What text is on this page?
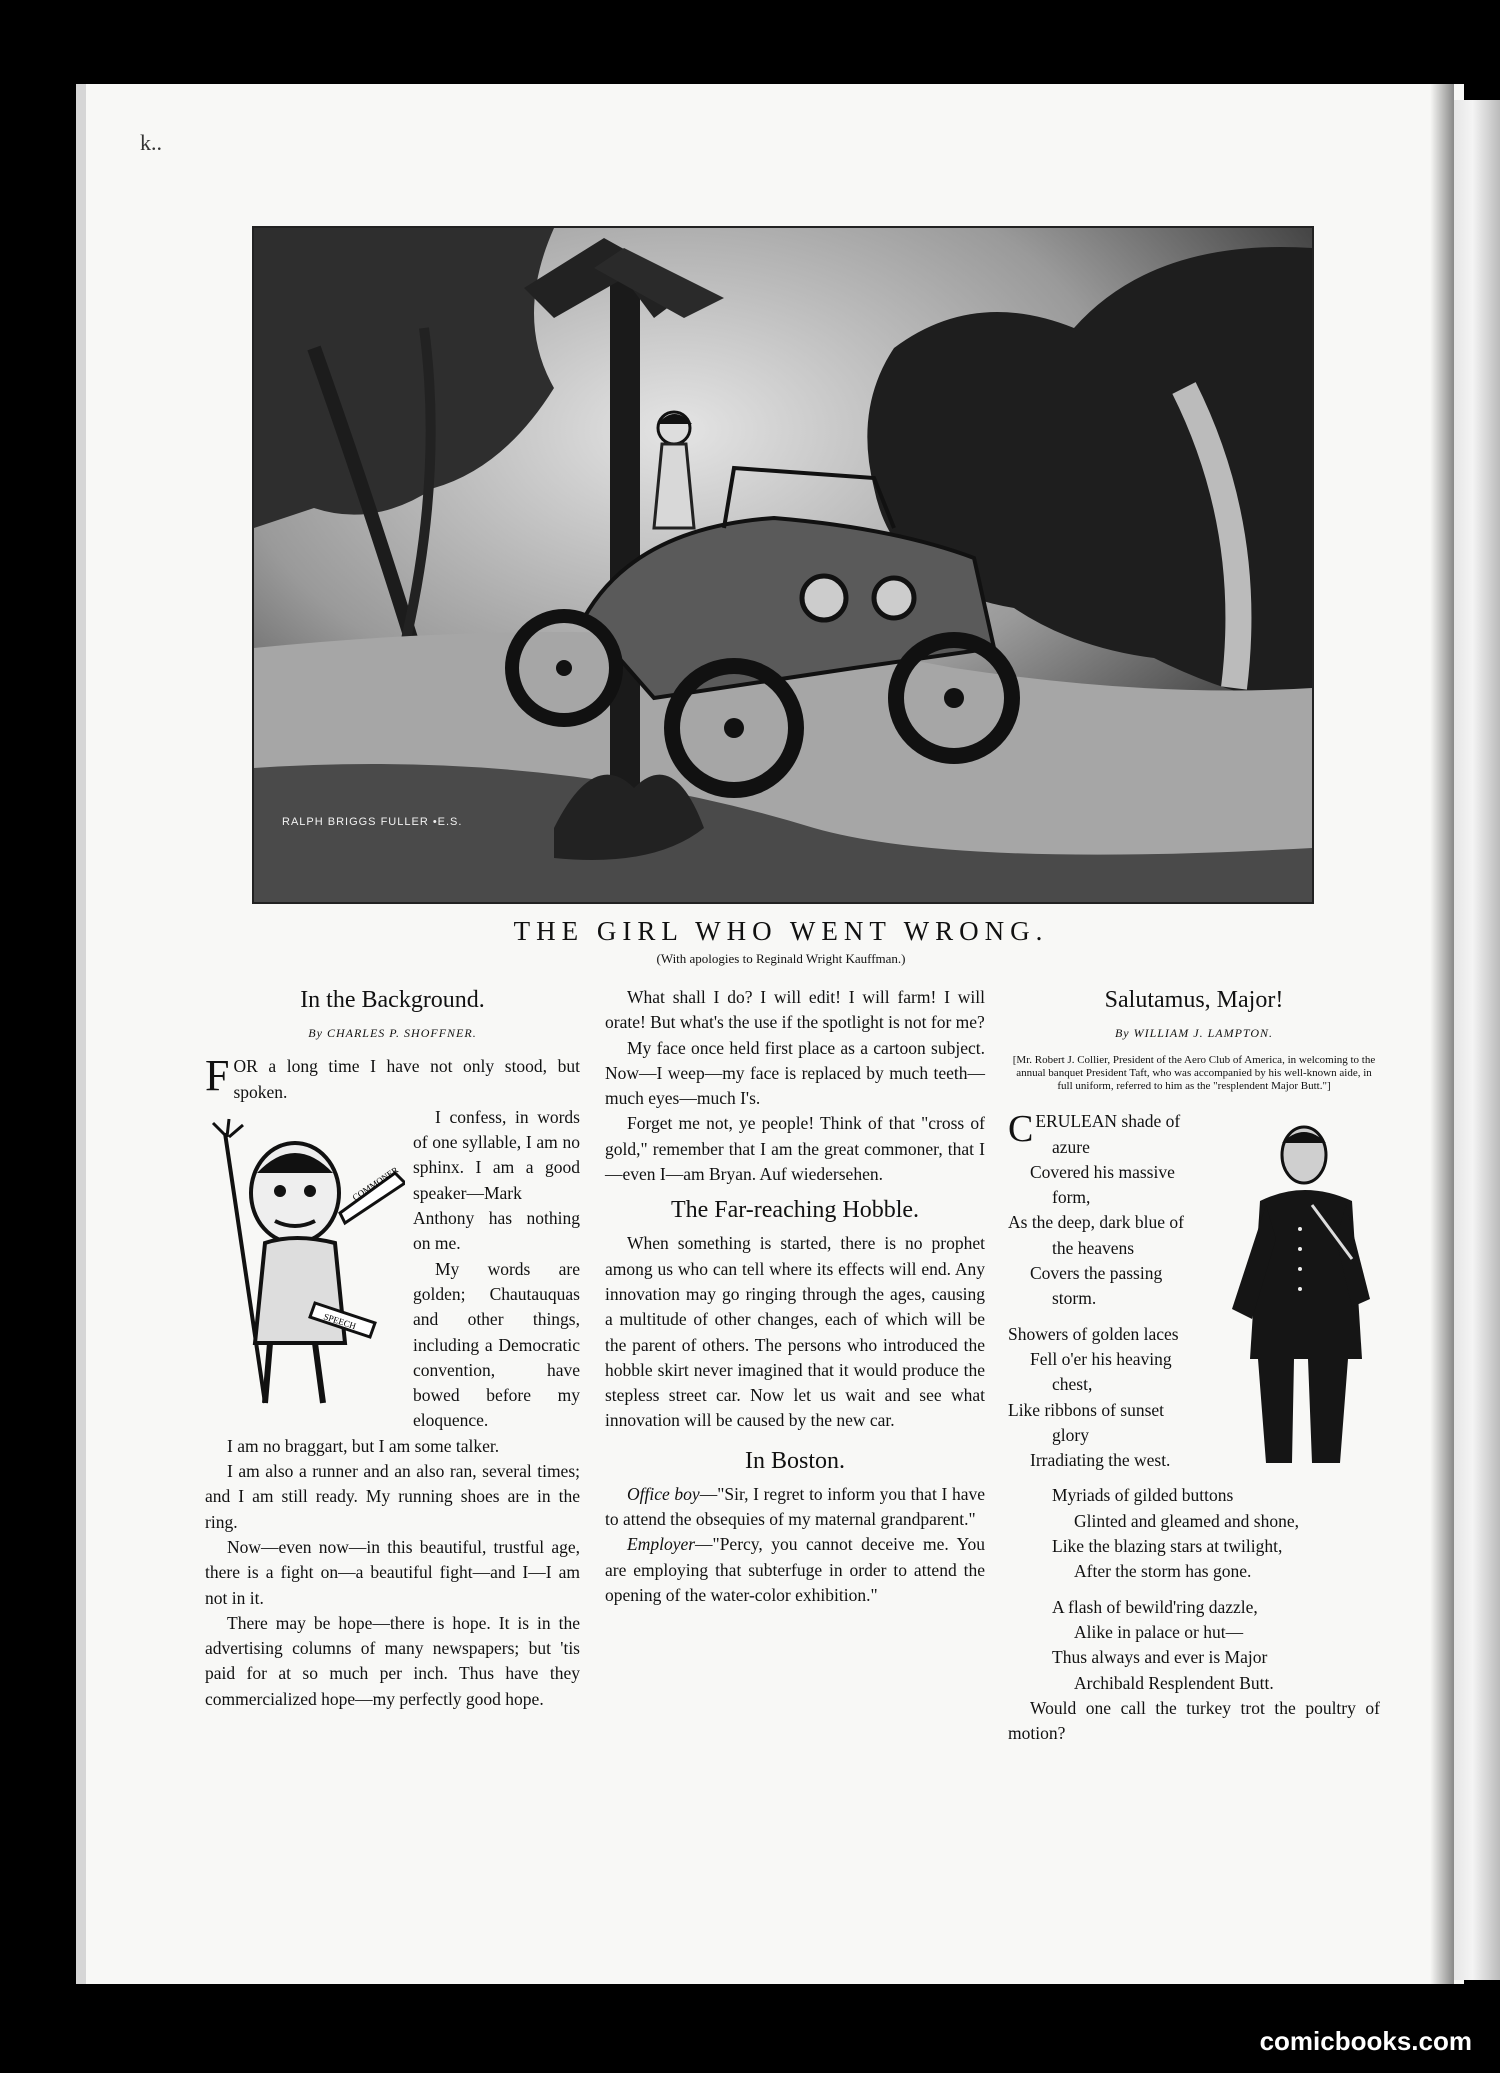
k..
RALPH BRIGGS FULLER •E.S.
THE GIRL WHO WENT WRONG.
(With apologies to Reginald Wright Kauffman.)
In the Background.
By CHARLES P. SHOFFNER.

FOR a long time I have not only stood, but spoken.

COMMONER
SPEECH

I confess, in words of one syllable, I am no sphinx. I am a good speaker—Mark Anthony has nothing on me.

My words are golden; Chautauquas and other things, including a Democratic convention, have bowed before my eloquence.

I am no braggart, but I am some talker.

I am also a runner and an also ran, several times; and I am still ready. My running shoes are in the ring.

Now—even now—in this beautiful, trustful age, there is a fight on—a beautiful fight—and I—I am not in it.

There may be hope—there is hope. It is in the advertising columns of many newspapers; but 'tis paid for at so much per inch. Thus have they commercialized hope—my perfectly good hope.

What shall I do? I will edit! I will farm! I will orate! But what's the use if the spotlight is not for me?

My face once held first place as a cartoon subject. Now—I weep—my face is replaced by much teeth—much eyes—much I's.

Forget me not, ye people! Think of that "cross of gold," remember that I am the great commoner, that I—even I—am Bryan. Auf wiedersehen.

The Far-reaching Hobble.

When something is started, there is no prophet among us who can tell where its effects will end. Any innovation may go ringing through the ages, causing a multitude of other changes, each of which will be the parent of others. The persons who introduced the hobble skirt never imagined that it would produce the stepless street car. Now let us wait and see what innovation will be caused by the new car.

In Boston.

Office boy—"Sir, I regret to inform you that I have to attend the obsequies of my maternal grandparent."

Employer—"Percy, you cannot deceive me. You are employing that subterfuge in order to attend the opening of the water-color exhibition."

Salutamus, Major!
By WILLIAM J. LAMPTON.
[Mr. Robert J. Collier, President of the Aero Club of America, in welcoming to the annual banquet President Taft, who was accompanied by his well-known aide, in full uniform, referred to him as the "resplendent Major Butt."]

CERULEAN shade of

azure

Covered his massive

form,

As the deep, dark blue of

the heavens

Covers the passing

storm.

Showers of golden laces

Fell o'er his heaving

chest,

Like ribbons of sunset

glory

Irradiating the west.

Myriads of gilded buttons

Glinted and gleamed and shone,

Like the blazing stars at twilight,

After the storm has gone.

A flash of bewild'ring dazzle,

Alike in palace or hut—

Thus always and ever is Major

Archibald Resplendent Butt.

Would one call the turkey trot the poultry of motion?

comicbooks.com
